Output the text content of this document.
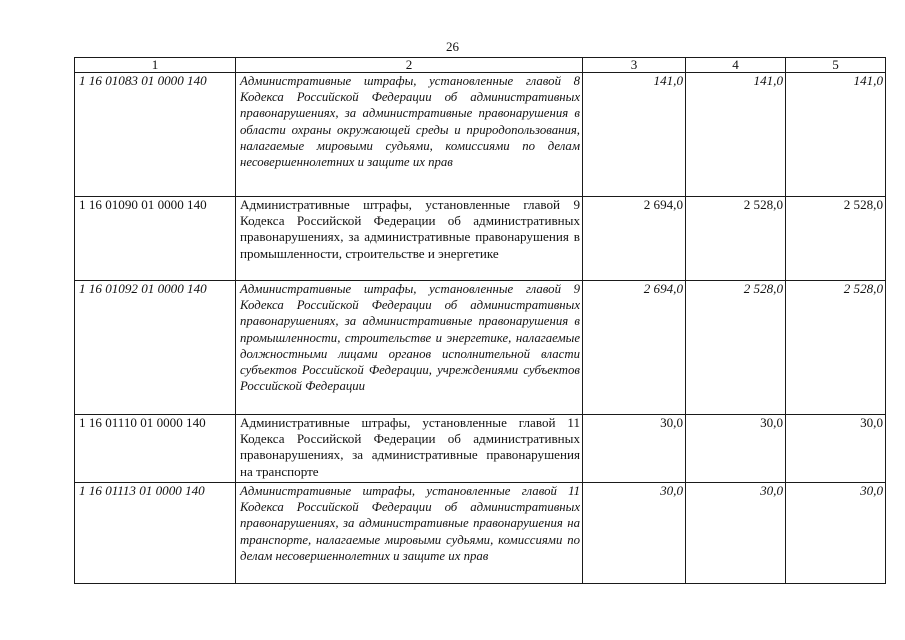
26
1	2	3	4	5
1 16 01083 01 0000 140	Административные штрафы, установленные главой 8 Кодекса Российской Федерации об административных правонарушениях, за административные правонарушения в области охраны окружающей среды и природопользования, налагаемые мировыми судьями, комиссиями по делам несовершеннолетних и защите их прав	141,0	141,0	141,0
1 16 01090 01 0000 140	Административные штрафы, установленные главой 9 Кодекса Российской Федерации об административных правонарушениях, за административные правонарушения в промышленности, строительстве и энергетике	2 694,0	2 528,0	2 528,0
1 16 01092 01 0000 140	Административные штрафы, установленные главой 9 Кодекса Российской Федерации об административных правонарушениях, за административные правонарушения в промышленности, строительстве и энергетике, налагаемые должностными лицами органов исполнительной власти субъектов Российской Федерации, учреждениями субъектов Российской Федерации	2 694,0	2 528,0	2 528,0
1 16 01110 01 0000 140	Административные штрафы, установленные главой 11 Кодекса Российской Федерации об административных правонарушениях, за административные правонарушения на транспорте	30,0	30,0	30,0
1 16 01113 01 0000 140	Административные штрафы, установленные главой 11 Кодекса Российской Федерации об административных правонарушениях, за административные правонарушения на транспорте, налагаемые мировыми судьями, комиссиями по делам несовершеннолетних и защите их прав	30,0	30,0	30,0
